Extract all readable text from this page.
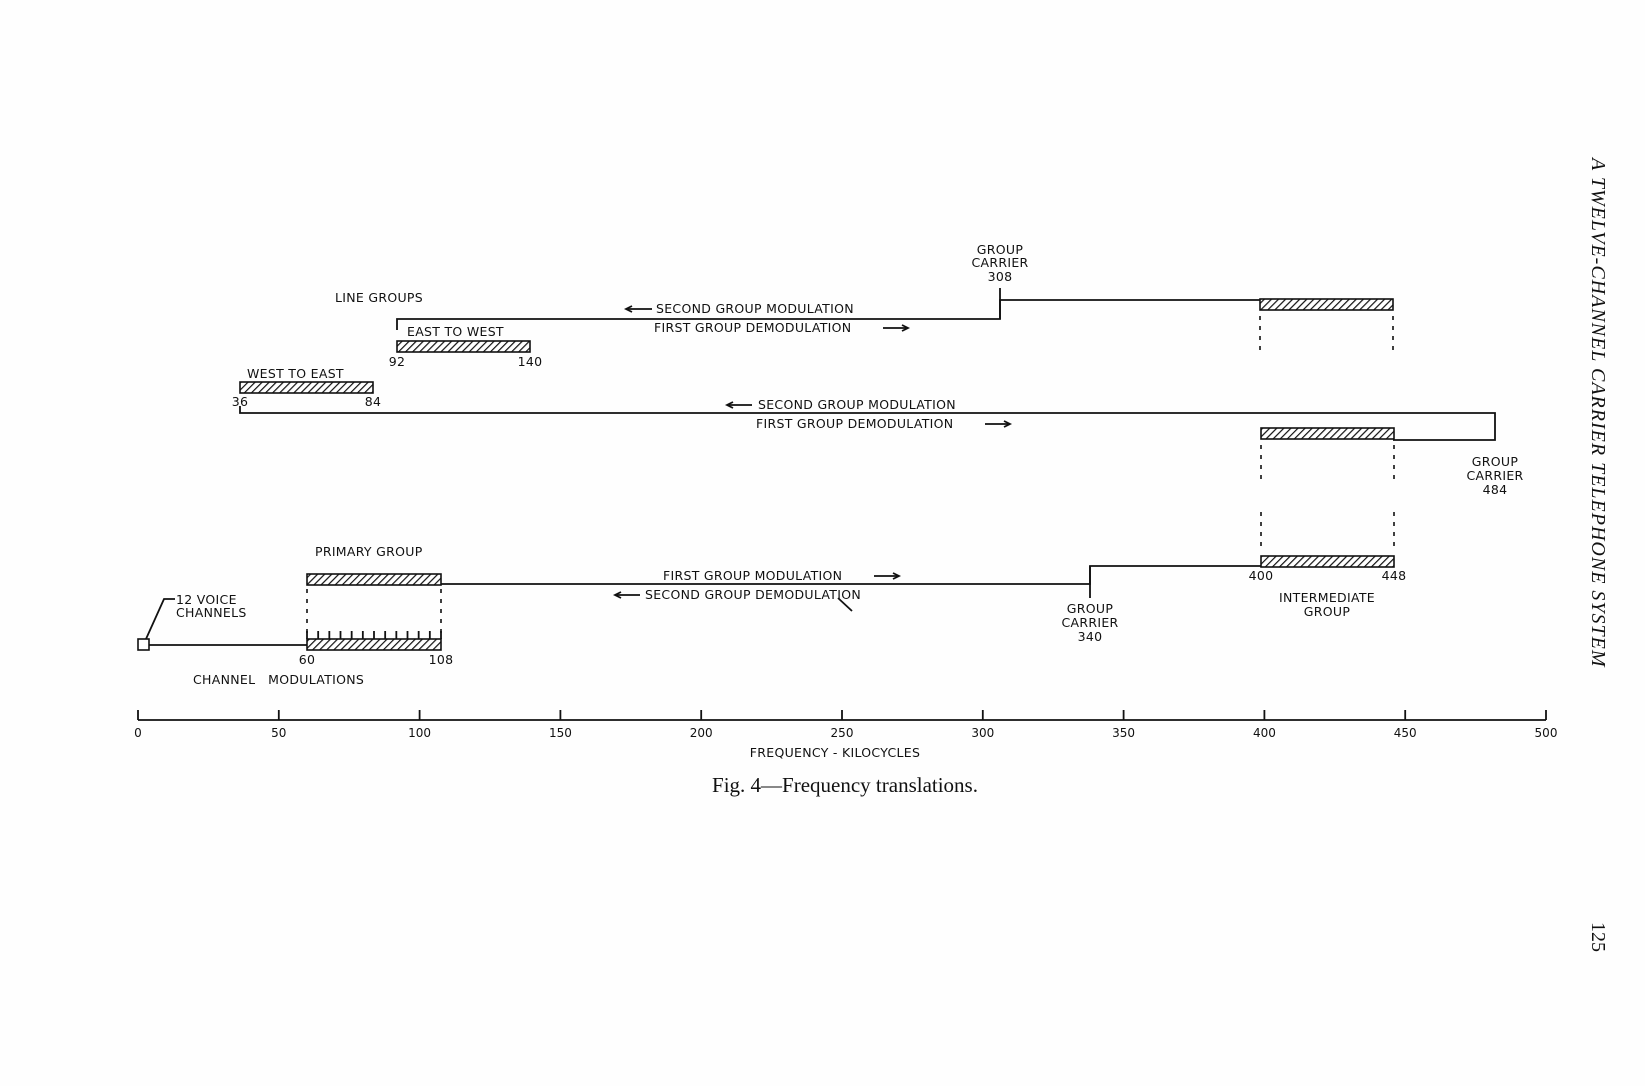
0	50	100	150	200	250	300	350	400	450	500
FREQUENCY - KILOCYCLES
LINE GROUPS
GROUP
CARRIER
308
SECOND GROUP MODULATION
FIRST GROUP DEMODULATION
EAST TO WEST
92	140
WEST TO EAST
36	84	SECOND GROUP MODULATION
FIRST GROUP DEMODULATION
GROUP
CARRIER
484
400	448
INTERMEDIATE
GROUP
PRIMARY GROUP
GROUP
CARRIER
340
FIRST GROUP MODULATION
SECOND GROUP DEMODULATION
60	108
CHANNEL   MODULATIONS
12 VOICE
CHANNELS
Fig. 4—Frequency translations.
A TWELVE-CHANNEL CARRIER TELEPHONE SYSTEM
125
